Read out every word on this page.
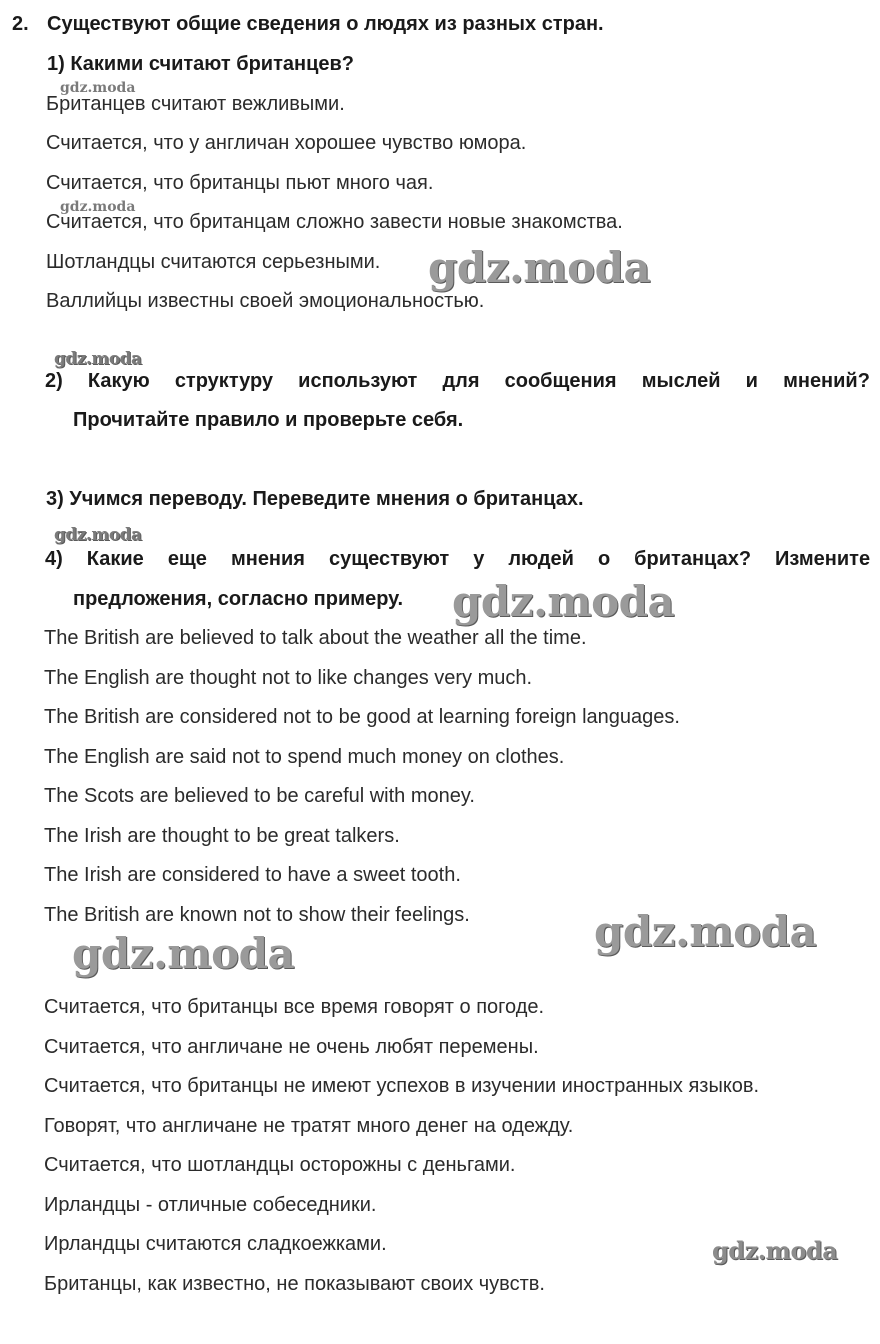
2. Существуют общие сведения о людях из разных стран.
1) Какими считают британцев?
Британцев считают вежливыми.
Считается, что у англичан хорошее чувство юмора.
Считается, что британцы пьют много чая.
Считается, что британцам сложно завести новые знакомства.
Шотландцы считаются серьезными.
Валлийцы известны своей эмоциональностью.
2) Какую структуру используют для сообщения мыслей и мнений?
Прочитайте правило и проверьте себя.
3) Учимся переводу. Переведите мнения о британцах.
4) Какие еще мнения существуют у людей о британцах? Измените
предложения, согласно примеру.
The British are believed to talk about the weather all the time.
The English are thought not to like changes very much.
The British are considered not to be good at learning foreign languages.
The English are said not to spend much money on clothes.
The Scots are believed to be careful with money.
The Irish are thought to be great talkers.
The Irish are considered to have a sweet tooth.
The British are known not to show their feelings.
Считается, что британцы все время говорят о погоде.
Считается, что англичане не очень любят перемены.
Считается, что британцы не имеют успехов в изучении иностранных языков.
Говорят, что англичане не тратят много денег на одежду.
Считается, что шотландцы осторожны с деньгами.
Ирландцы - отличные собеседники.
Ирландцы считаются сладкоежками.
Британцы, как известно, не показывают своих чувств.
gdz.moda
gdz.moda
gdz.moda
gdz.moda
gdz.moda
gdz.moda
gdz.moda	gdz.moda
gdz.moda
